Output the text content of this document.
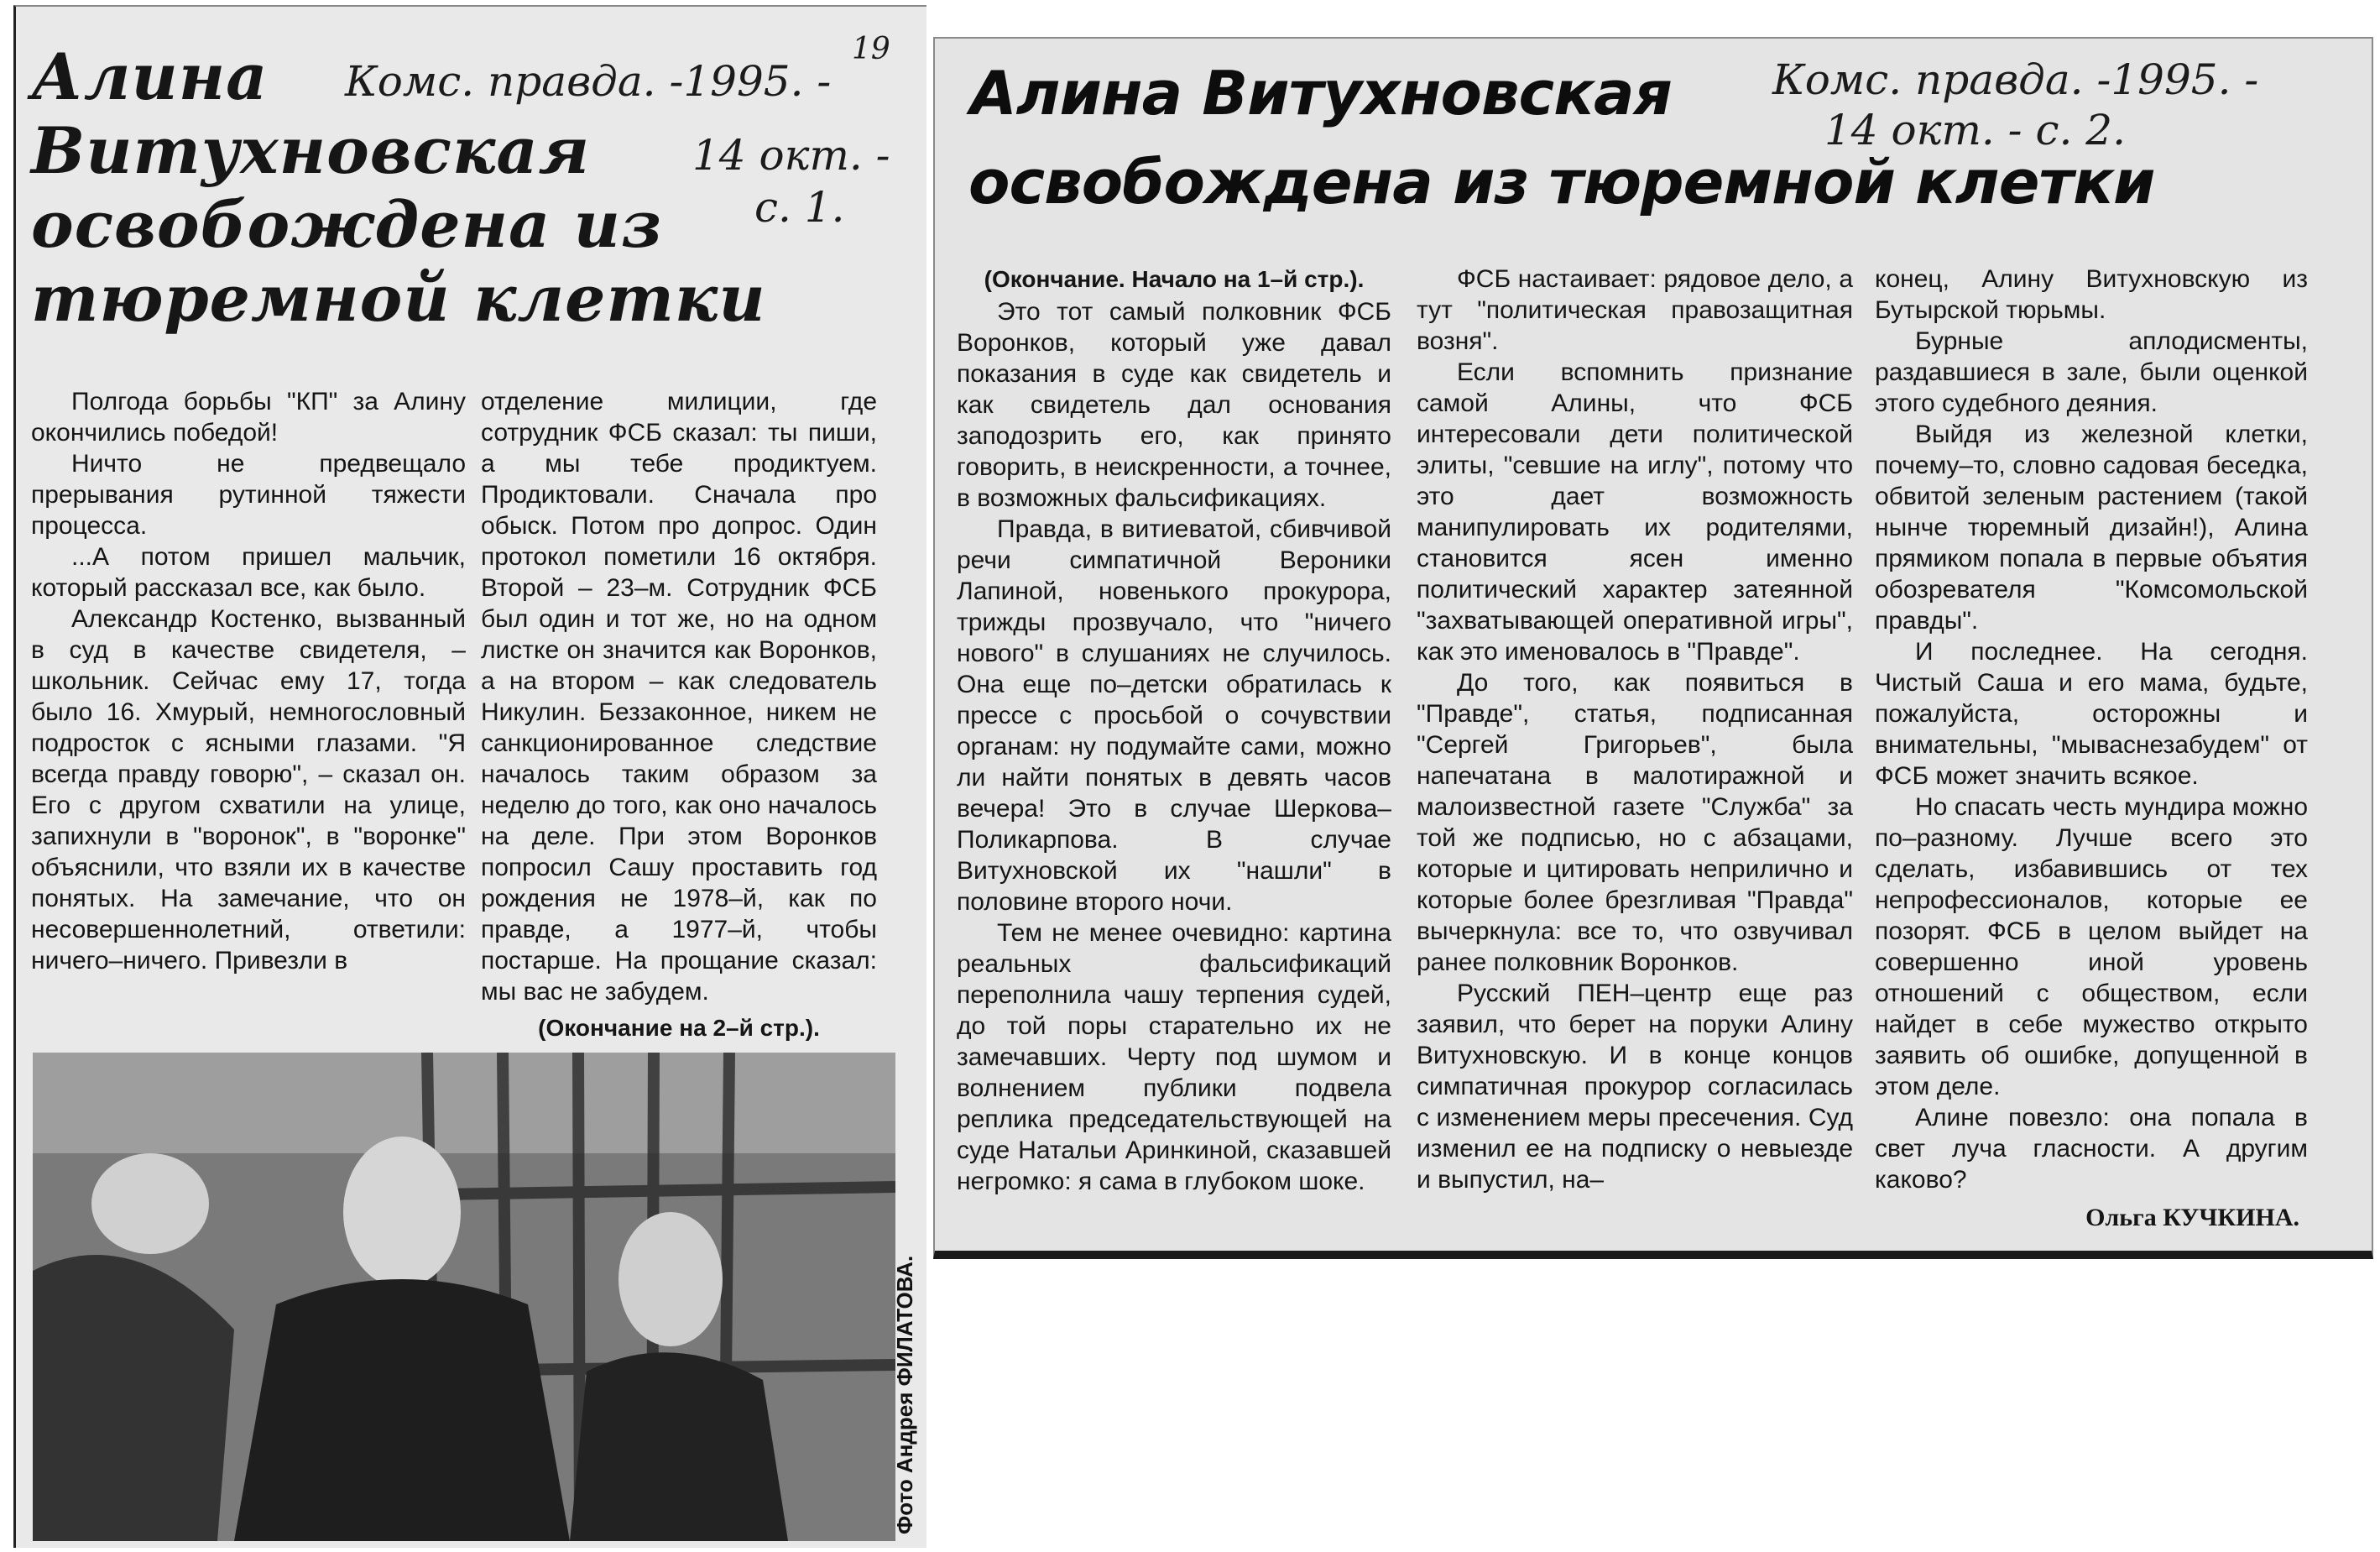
Алина
Витухновская
освобождена из
тюремной клетки
Комс. правда. -1995. -
19
14 окт. -
с. 1.

Полгода борьбы "КП" за Алину окончились победой!

Ничто не предвещало прерывания рутинной тяжести процесса.

...А потом пришел мальчик, который рассказал все, как было.

Александр Костенко, вызванный в суд в качестве свидетеля, – школьник. Сейчас ему 17, тогда было 16. Хмурый, немногословный подросток с ясными глазами. "Я всегда правду говорю", – сказал он. Его с другом схватили на улице, запихнули в "воронок", в "воронке" объяснили, что взяли их в качестве понятых. На замечание, что он несовершеннолетний, ответили: ничего–ничего. Привезли в

отделение милиции, где сотрудник ФСБ сказал: ты пиши, а мы тебе продиктуем. Продиктовали. Сначала про обыск. Потом про допрос. Один протокол пометили 16 октября. Второй – 23–м. Сотрудник ФСБ был один и тот же, но на одном листке он значится как Воронков, а на втором – как следователь Никулин. Беззаконное, никем не санкционированное следствие началось таким образом за неделю до того, как оно началось на деле. При этом Воронков попросил Сашу проставить год рождения не 1978–й, как по правде, а 1977–й, чтобы постарше. На прощание сказал: мы вас не забудем.

(Окончание на 2–й стр.).
Фото Андрея ФИЛАТОВА.
Алина Витухновская
освобождена из тюремной клетки
Комс. правда. -1995. -
14 окт. - с. 2.
(Окончание. Начало на 1–й стр.).

Это тот самый полковник ФСБ Воронков, который уже давал показания в суде как свидетель и как свидетель дал основания заподозрить его, как принято говорить, в неискренности, а точнее, в возможных фальсификациях.

Правда, в витиеватой, сбивчивой речи симпатичной Вероники Лапиной, новенького прокурора, трижды прозвучало, что "ничего нового" в слушаниях не случилось. Она еще по–детски обратилась к прессе с просьбой о сочувствии органам: ну подумайте сами, можно ли найти понятых в девять часов вечера! Это в случае Шеркова–Поликарпова. В случае Витухновской их "нашли" в половине второго ночи.

Тем не менее очевидно: картина реальных фальсификаций переполнила чашу терпения судей, до той поры старательно их не замечавших. Черту под шумом и волнением публики подвела реплика председательствующей на суде Натальи Аринкиной, сказавшей негромко: я сама в глубоком шоке.

ФСБ настаивает: рядовое дело, а тут "политическая правозащитная возня".

Если вспомнить признание самой Алины, что ФСБ интересовали дети политической элиты, "севшие на иглу", потому что это дает возможность манипулировать их родителями, становится ясен именно политический характер затеянной "захватывающей оперативной игры", как это именовалось в "Правде".

До того, как появиться в "Правде", статья, подписанная "Сергей Григорьев", была напечатана в малотиражной и малоизвестной газете "Служба" за той же подписью, но с абзацами, которые и цитировать неприлично и которые более брезгливая "Правда" вычеркнула: все то, что озвучивал ранее полковник Воронков.

Русский ПЕН–центр еще раз заявил, что берет на поруки Алину Витухновскую. И в конце концов симпатичная прокурор согласилась с изменением меры пресечения. Суд изменил ее на подписку о невыезде и выпустил, на–

конец, Алину Витухновскую из Бутырской тюрьмы.

Бурные аплодисменты, раздавшиеся в зале, были оценкой этого судебного деяния.

Выйдя из железной клетки, почему–то, словно садовая беседка, обвитой зеленым растением (такой нынче тюремный дизайн!), Алина прямиком попала в первые объятия обозревателя "Комсомольской правды".

И последнее. На сегодня. Чистый Саша и его мама, будьте, пожалуйста, осторожны и внимательны, "мываснезабудем" от ФСБ может значить всякое.

Но спасать честь мундира можно по–разному. Лучше всего это сделать, избавившись от тех непрофессионалов, которые ее позорят. ФСБ в целом выйдет на совершенно иной уровень отношений с обществом, если найдет в себе мужество открыто заявить об ошибке, допущенной в этом деле.

Алине повезло: она попала в свет луча гласности. А другим каково?

Ольга КУЧКИНА.
